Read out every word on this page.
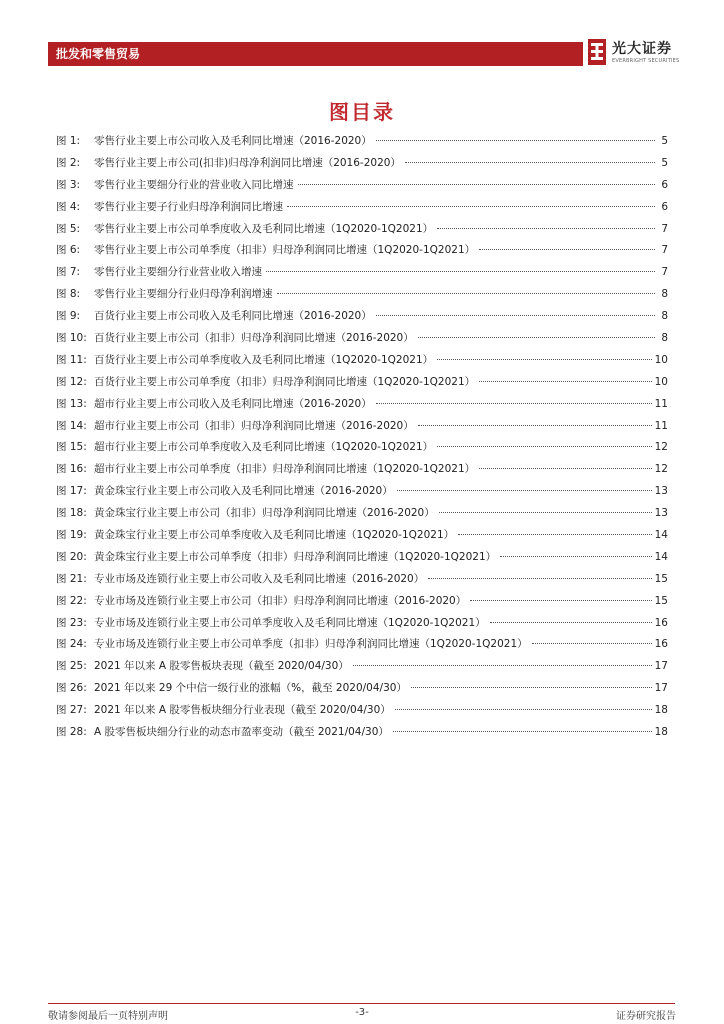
批发和零售贸易	光大证券
EVERBRIGHT SECURITIES
图目录
图 1:	零售行业主要上市公司收入及毛利同比增速（2016-2020）	5
图 2:	零售行业主要上市公司(扣非)归母净利润同比增速（2016-2020）	5
图 3:	零售行业主要细分行业的营业收入同比增速	6
图 4:	零售行业主要子行业归母净利润同比增速	6
图 5:	零售行业主要上市公司单季度收入及毛利同比增速（1Q2020-1Q2021）	7
图 6:	零售行业主要上市公司单季度（扣非）归母净利润同比增速（1Q2020-1Q2021）	7
图 7:	零售行业主要细分行业营业收入增速	7
图 8:	零售行业主要细分行业归母净利润增速	8
图 9:	百货行业主要上市公司收入及毛利同比增速（2016-2020）	8
图 10: 百货行业主要上市公司（扣非）归母净利润同比增速（2016-2020）	8
图 11: 百货行业主要上市公司单季度收入及毛利同比增速（1Q2020-1Q2021）	10
图 12: 百货行业主要上市公司单季度（扣非）归母净利润同比增速（1Q2020-1Q2021）	10
图 13: 超市行业主要上市公司收入及毛利同比增速（2016-2020）	11
图 14: 超市行业主要上市公司（扣非）归母净利润同比增速（2016-2020）	11
图 15: 超市行业主要上市公司单季度收入及毛利同比增速（1Q2020-1Q2021）	12
图 16: 超市行业主要上市公司单季度（扣非）归母净利润同比增速（1Q2020-1Q2021）	12
图 17: 黄金珠宝行业主要上市公司收入及毛利同比增速（2016-2020）	13
图 18: 黄金珠宝行业主要上市公司（扣非）归母净利润同比增速（2016-2020）	13
图 19: 黄金珠宝行业主要上市公司单季度收入及毛利同比增速（1Q2020-1Q2021）	14
图 20: 黄金珠宝行业主要上市公司单季度（扣非）归母净利润同比增速（1Q2020-1Q2021）	14
图 21: 专业市场及连锁行业主要上市公司收入及毛利同比增速（2016-2020）	15
图 22: 专业市场及连锁行业主要上市公司（扣非）归母净利润同比增速（2016-2020）	15
图 23: 专业市场及连锁行业主要上市公司单季度收入及毛利同比增速（1Q2020-1Q2021）	16
图 24: 专业市场及连锁行业主要上市公司单季度（扣非）归母净利润同比增速（1Q2020-1Q2021）	16
图 25: 2021 年以来 A 股零售板块表现（截至 2020/04/30）	17
图 26: 2021 年以来 29 个中信一级行业的涨幅（%，截至 2020/04/30）	17
图 27: 2021 年以来 A 股零售板块细分行业表现（截至 2020/04/30）	18
图 28: A 股零售板块细分行业的动态市盈率变动（截至 2021/04/30）	18
敬请参阅最后一页特别声明	-3-	证券研究报告
